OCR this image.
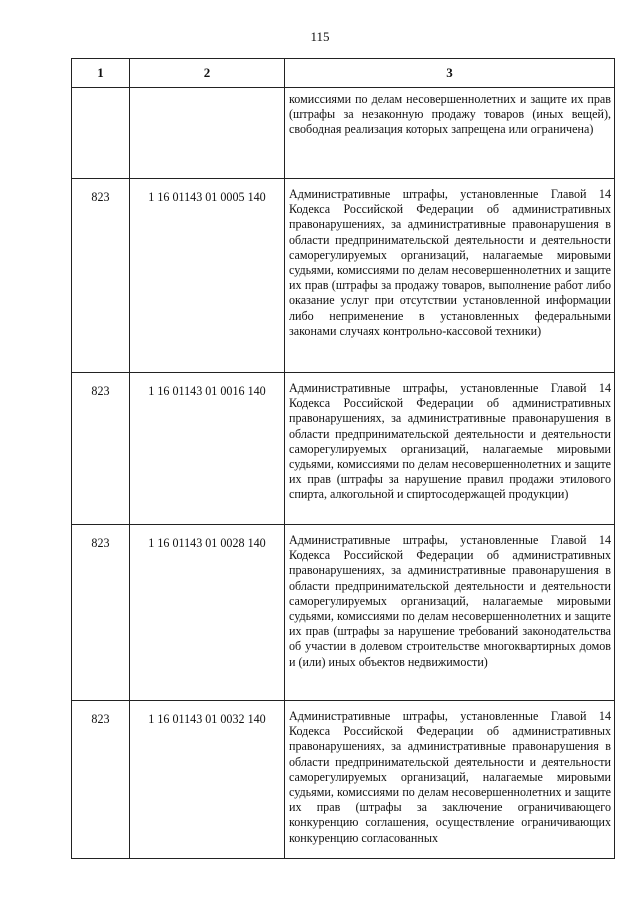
115
1	2	3
		комиссиями по делам несовершеннолетних и защите их прав (штрафы за незаконную продажу товаров (иных вещей), свободная реализация которых запрещена или ограничена)
823	1 16 01143 01 0005 140	Административные штрафы, установленные Главой 14 Кодекса Российской Федерации об административных правонарушениях, за административные правонарушения в области предпринимательской деятельности и деятельности саморегулируемых организаций, налагаемые мировыми судьями, комиссиями по делам несовершеннолетних и защите их прав (штрафы за продажу товаров, выполнение работ либо оказание услуг при отсутствии установленной информации либо неприменение в установленных федеральными законами случаях контрольно-кассовой техники)
823	1 16 01143 01 0016 140	Административные штрафы, установленные Главой 14 Кодекса Российской Федерации об административных правонарушениях, за административные правонарушения в области предпринимательской деятельности и деятельности саморегулируемых организаций, налагаемые мировыми судьями, комиссиями по делам несовершеннолетних и защите их прав (штрафы за нарушение правил продажи этилового спирта, алкогольной и спиртосодержащей продукции)
823	1 16 01143 01 0028 140	Административные штрафы, установленные Главой 14 Кодекса Российской Федерации об административных правонарушениях, за административные правонарушения в области предпринимательской деятельности и деятельности саморегулируемых организаций, налагаемые мировыми судьями, комиссиями по делам несовершеннолетних и защите их прав (штрафы за нарушение требований законодательства об участии в долевом строительстве многоквартирных домов и (или) иных объектов недвижимости)
823	1 16 01143 01 0032 140	Административные штрафы, установленные Главой 14 Кодекса Российской Федерации об административных правонарушениях, за административные правонарушения в области предпринимательской деятельности и деятельности саморегулируемых организаций, налагаемые мировыми судьями, комиссиями по делам несовершеннолетних и защите их прав (штрафы за заключение ограничивающего конкуренцию соглашения, осуществление ограничивающих конкуренцию согласованных
